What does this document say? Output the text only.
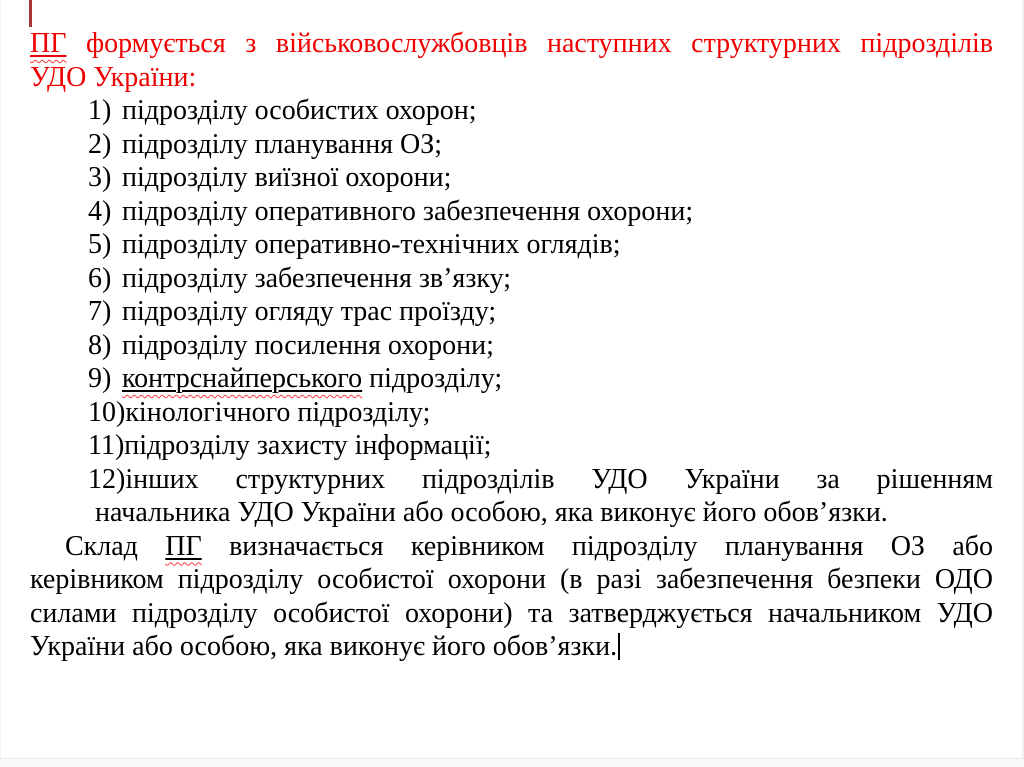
ПГ формується з військовослужбовців наступних структурних підрозділів
УДО України:
1) підрозділу особистих охорон;
2) підрозділу планування ОЗ;
3) підрозділу виїзної охорони;
4) підрозділу оперативного забезпечення охорони;
5) підрозділу оперативно-технічних оглядів;
6) підрозділу забезпечення зв’язку;
7) підрозділу огляду трас проїзду;
8) підрозділу посилення охорони;
9) контрснайперського підрозділу;
10)кінологічного підрозділу;
11)підрозділу захисту інформації;
12)інших структурних підрозділів УДО України за рішенням
начальника УДО України або особою, яка виконує його обов’язки.
Склад ПГ визначається керівником підрозділу планування ОЗ або
керівником підрозділу особистої охорони (в разі забезпечення безпеки ОДО
силами підрозділу особистої охорони) та затверджується начальником УДО
України або особою, яка виконує його обов’язки.
